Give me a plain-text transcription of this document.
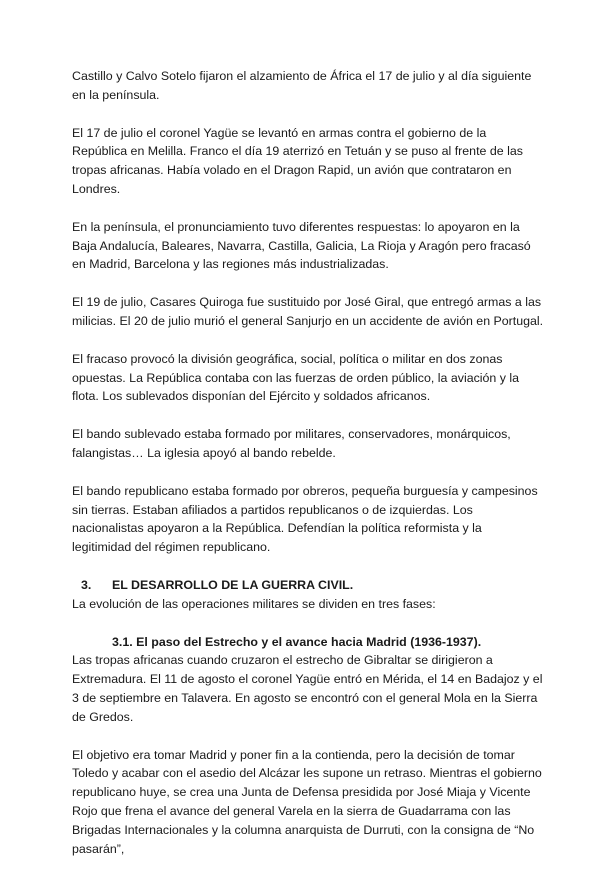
Castillo y Calvo Sotelo fijaron el alzamiento de África el 17 de julio y al día siguiente en la península.

El 17 de julio el coronel Yagüe se levantó en armas contra el gobierno de la República en Melilla. Franco el día 19 aterrizó en Tetuán y se puso al frente de las tropas africanas. Había volado en el Dragon Rapid, un avión que contrataron en Londres.

En la península, el pronunciamiento tuvo diferentes respuestas: lo apoyaron en la Baja Andalucía, Baleares, Navarra, Castilla, Galicia, La Rioja y Aragón pero fracasó en Madrid, Barcelona y las regiones más industrializadas.

El 19 de julio, Casares Quiroga fue sustituido por José Giral, que entregó armas a las milicias. El 20 de julio murió el general Sanjurjo en un accidente de avión en Portugal.

El fracaso provocó la división geográfica, social, política o militar en dos zonas opuestas. La República contaba con las fuerzas de orden público, la aviación y la flota. Los sublevados disponían del Ejército y soldados africanos.

El bando sublevado estaba formado por militares, conservadores, monárquicos, falangistas… La iglesia apoyó al bando rebelde.

El bando republicano estaba formado por obreros, pequeña burguesía y campesinos sin tierras. Estaban afiliados a partidos republicanos o de izquierdas. Los nacionalistas apoyaron a la República. Defendían la política reformista y la legitimidad del régimen republicano.

3. EL DESARROLLO DE LA GUERRA CIVIL.
La evolución de las operaciones militares se dividen en tres fases:
3.1. El paso del Estrecho y el avance hacia Madrid (1936-1937).

Las tropas africanas cuando cruzaron el estrecho de Gibraltar se dirigieron a Extremadura. El 11 de agosto el coronel Yagüe entró en Mérida, el 14 en Badajoz y el 3 de septiembre en Talavera. En agosto se encontró con el general Mola en la Sierra de Gredos.

El objetivo era tomar Madrid y poner fin a la contienda, pero la decisión de tomar Toledo y acabar con el asedio del Alcázar les supone un retraso. Mientras el gobierno republicano huye, se crea una Junta de Defensa presidida por José Miaja y Vicente Rojo que frena el avance del general Varela en la sierra de Guadarrama con las Brigadas Internacionales y la columna anarquista de Durruti, con la consigna de “No pasarán”,
